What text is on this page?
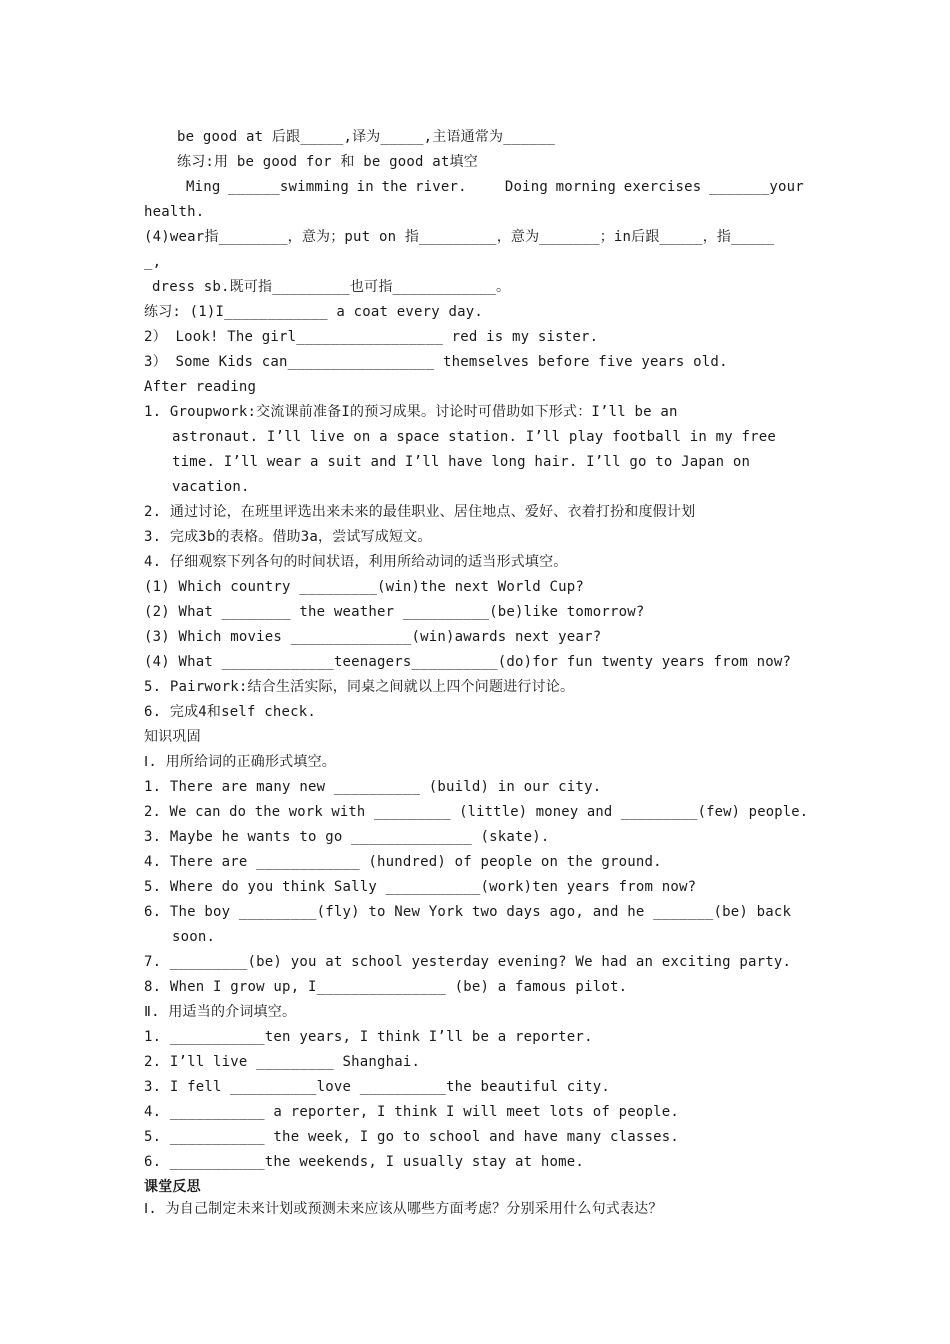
be good at 后跟_____,译为_____,主语通常为______
练习:用 be good for 和 be good at填空
Ming ______swimming in the river.     Doing morning exercises _______your
health.
(4)wear指________，意为；put on 指_________，意为_______；in后跟_____，指_____
_,
dress sb.既可指_________也可指____________。
练习: (1)I____________ a coat every day.
2） Look! The girl_________________ red is my sister.
3） Some Kids can_________________ themselves before five years old.
After reading
1. Groupwork:交流课前准备I的预习成果。讨论时可借助如下形式：I’ll be an
astronaut. I’ll live on a space station. I’ll play football in my free
time. I’ll wear a suit and I’ll have long hair. I’ll go to Japan on
vacation.
2. 通过讨论，在班里评选出来未来的最佳职业、居住地点、爱好、衣着打扮和度假计划
3. 完成3b的表格。借助3a，尝试写成短文。
4. 仔细观察下列各句的时间状语，利用所给动词的适当形式填空。
(1) Which country _________(win)the next World Cup?
(2) What ________ the weather __________(be)like tomorrow?
(3) Which movies ______________(win)awards next year?
(4) What _____________teenagers__________(do)for fun twenty years from now?
5. Pairwork:结合生活实际，同桌之间就以上四个问题进行讨论。
6. 完成4和self check.
知识巩固
Ⅰ. 用所给词的正确形式填空。
1. There are many new __________ (build) in our city.
2. We can do the work with _________ (little) money and _________(few) people.
3. Maybe he wants to go ______________ (skate).
4. There are ____________ (hundred) of people on the ground.
5. Where do you think Sally ___________(work)ten years from now?
6. The boy _________(fly) to New York two days ago, and he _______(be) back
soon.
7. _________(be) you at school yesterday evening? We had an exciting party.
8. When I grow up, I_______________ (be) a famous pilot.
Ⅱ. 用适当的介词填空。
1. ___________ten years, I think I’ll be a reporter.
2. I’ll live _________ Shanghai.
3. I fell __________love __________the beautiful city.
4. ___________ a reporter, I think I will meet lots of people.
5. ___________ the week, I go to school and have many classes.
6. ___________the weekends, I usually stay at home.
课堂反思
Ⅰ. 为自己制定未来计划或预测未来应该从哪些方面考虑？分别采用什么句式表达？
